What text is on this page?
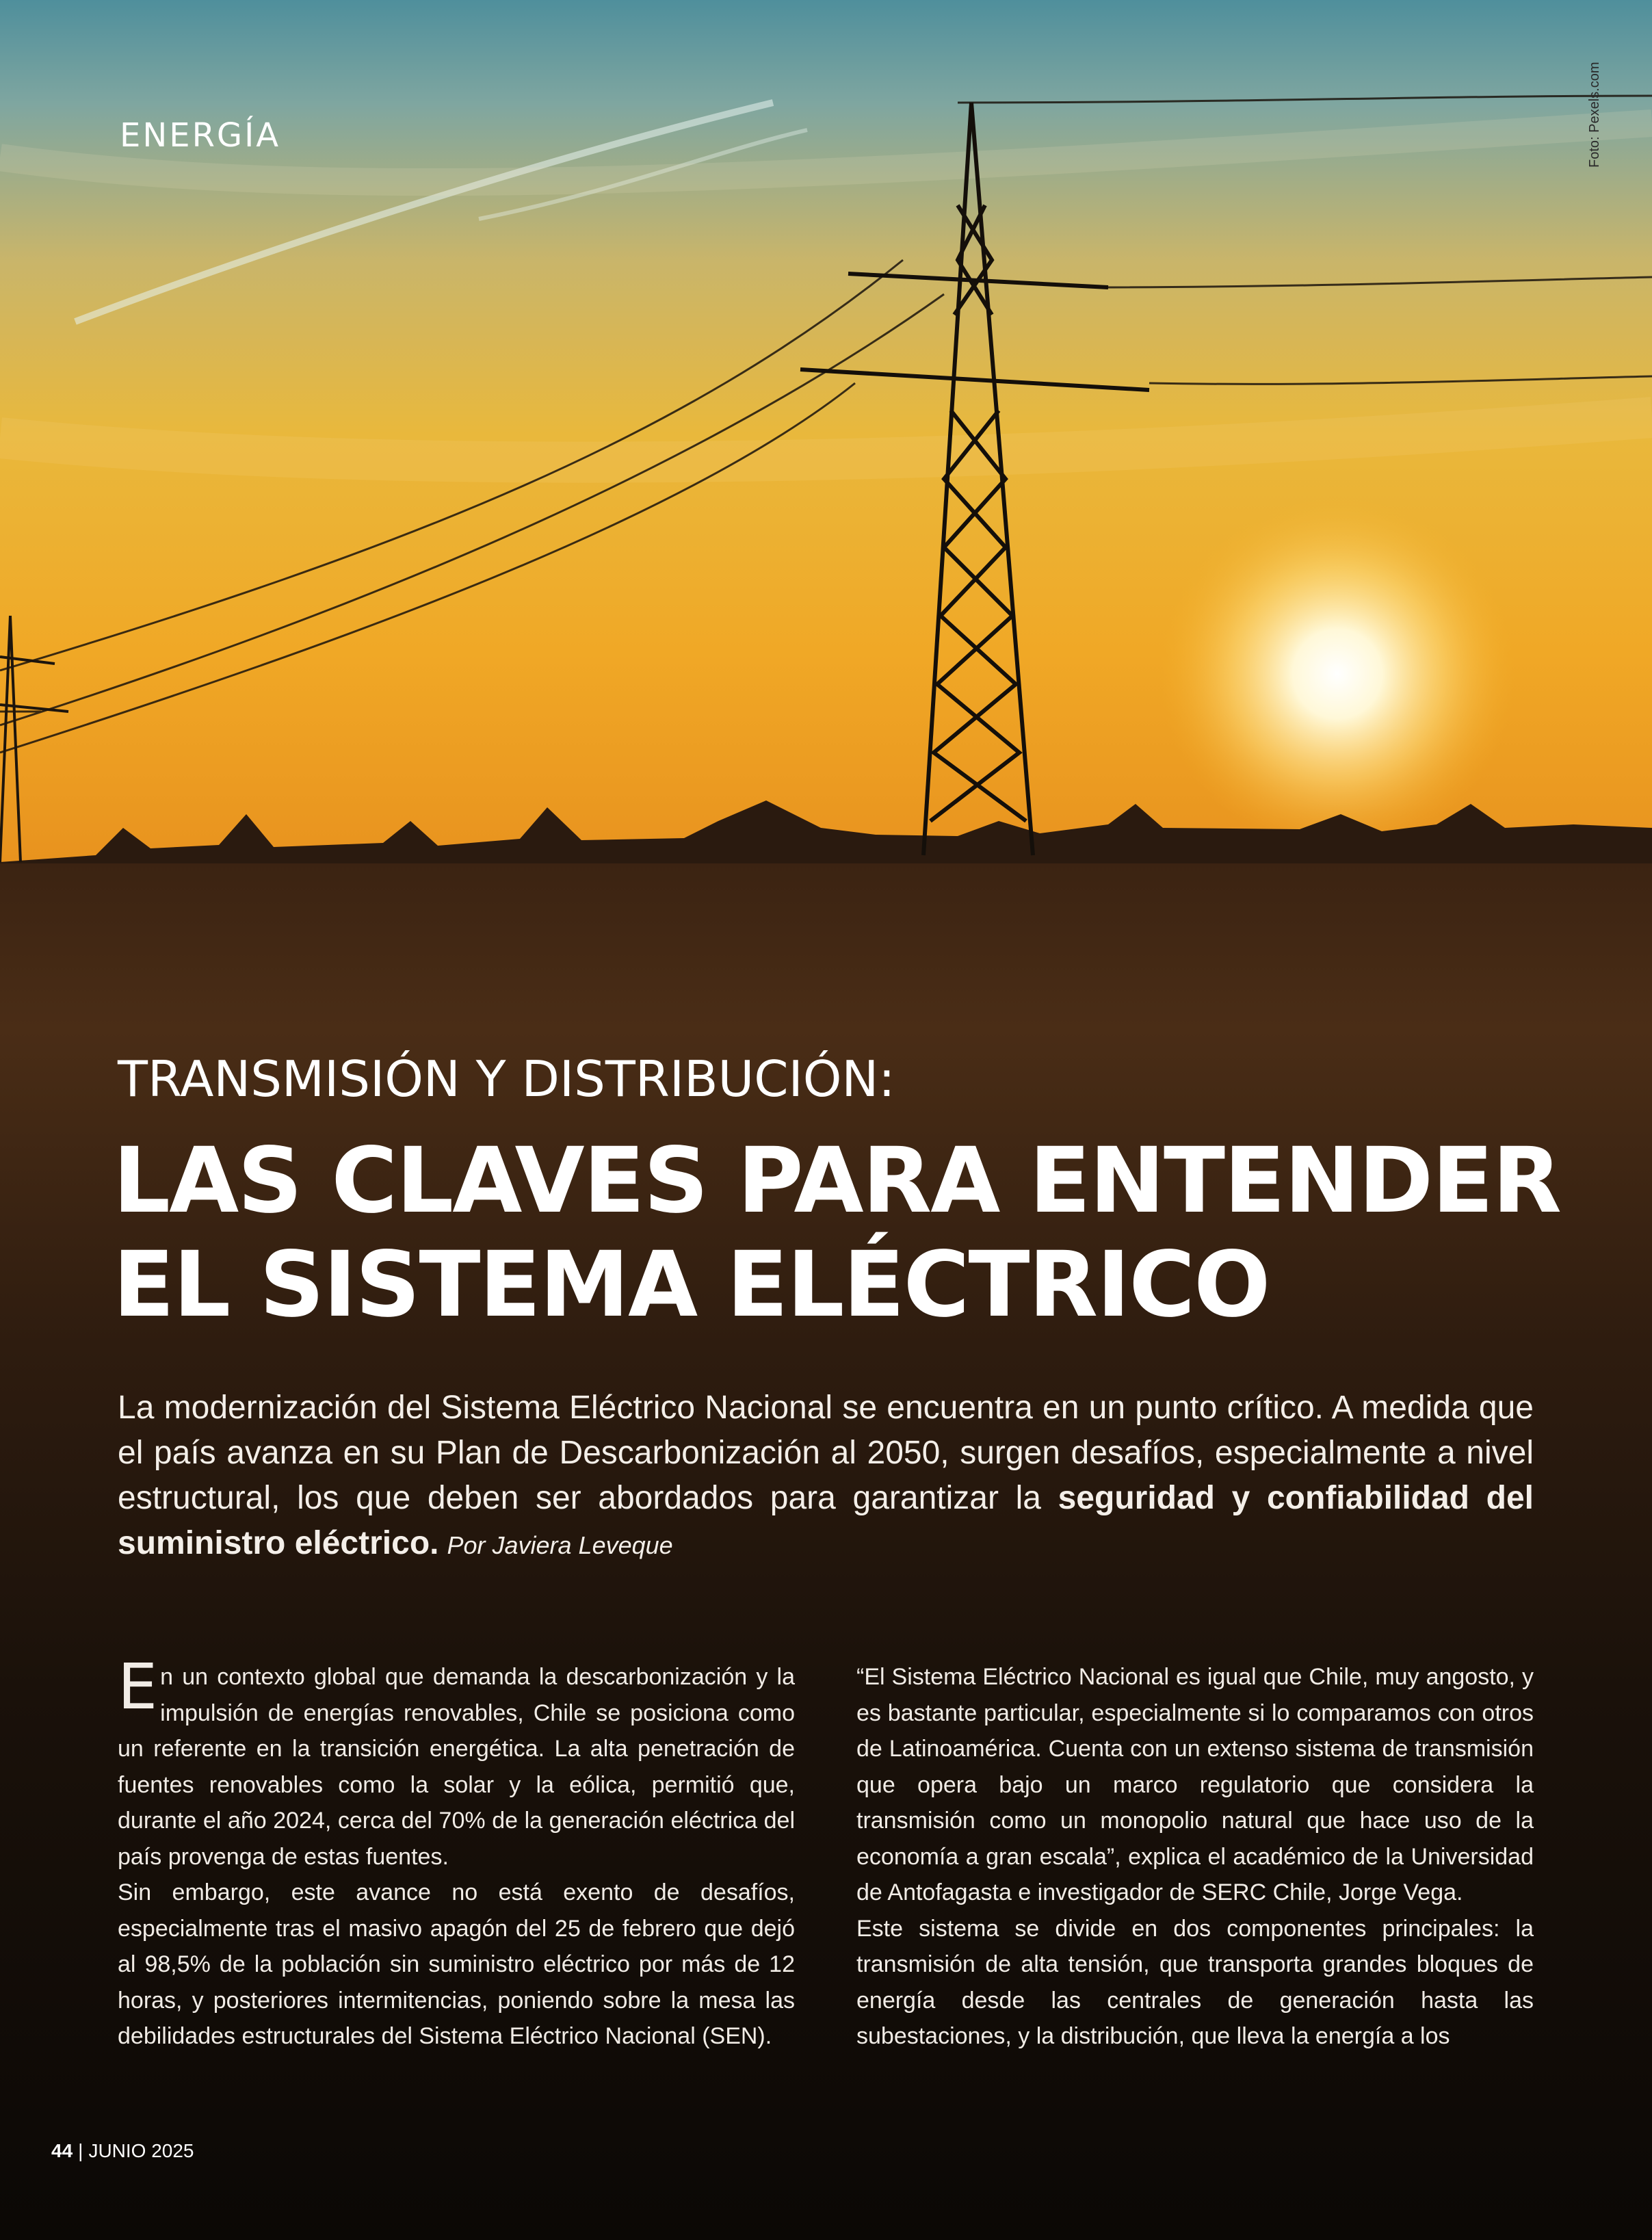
ENERGÍA	Foto: Pexels.com
TRANSMISIÓN Y DISTRIBUCIÓN:
LAS CLAVES PARA ENTENDER
EL SISTEMA ELÉCTRICO
La modernización del Sistema Eléctrico Nacional se encuentra en un punto crítico. A medida que el país avanza en su Plan de Descarbonización al 2050, surgen desafíos, especialmente a nivel estructural, los que deben ser abordados para garantizar la seguridad y confiabilidad del suministro eléctrico. Por Javiera Leveque

En un contexto global que demanda la descarbonización y la impulsión de energías renovables, Chile se posiciona como un referente en la transición energética. La alta penetración de fuentes renovables como la solar y la eólica, permitió que, durante el año 2024, cerca del 70% de la generación eléctrica del país provenga de estas fuentes.

Sin embargo, este avance no está exento de desafíos, especialmente tras el masivo apagón del 25 de febrero que dejó al 98,5% de la población sin suministro eléctrico por más de 12 horas, y posteriores intermitencias, poniendo sobre la mesa las debilidades estructurales del Sistema Eléctrico Nacional (SEN).

“El Sistema Eléctrico Nacional es igual que Chile, muy angosto, y es bastante particular, especialmente si lo comparamos con otros de Latinoamérica. Cuenta con un extenso sistema de transmisión que opera bajo un marco regulatorio que considera la transmisión como un monopolio natural que hace uso de la economía a gran escala”, explica el académico de la Universidad de Antofagasta e investigador de SERC Chile, Jorge Vega.

Este sistema se divide en dos componentes principales: la transmisión de alta tensión, que transporta grandes bloques de energía desde las centrales de generación hasta las subestaciones, y la distribución, que lleva la energía a los

44 | JUNIO 2025
